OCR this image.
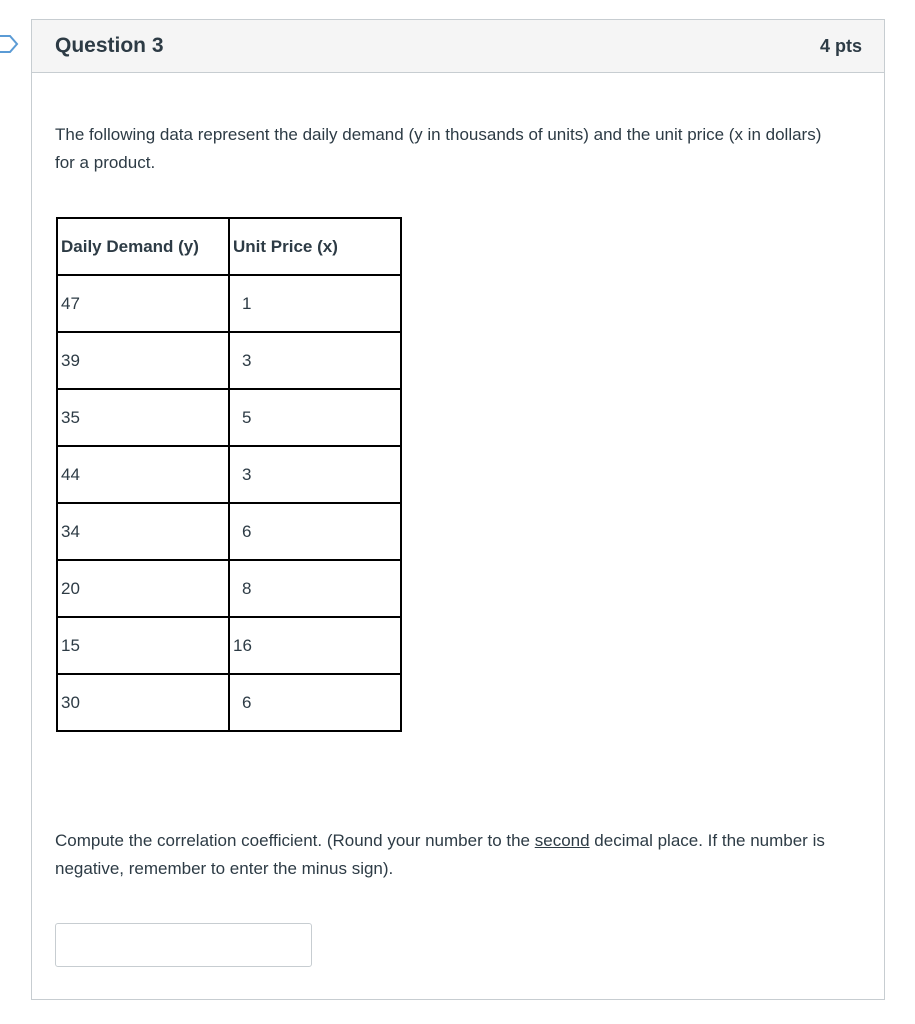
Question 3	4 pts

The following data represent the daily demand (y in thousands of units) and the unit price (x in dollars) for a product.

Daily Demand (y)	Unit Price (x)
47	1
39	3
35	5
44	3
34	6
20	8
15	16
30	6

Compute the correlation coefficient. (Round your number to the second decimal place. If the number is negative, remember to enter the minus sign).
